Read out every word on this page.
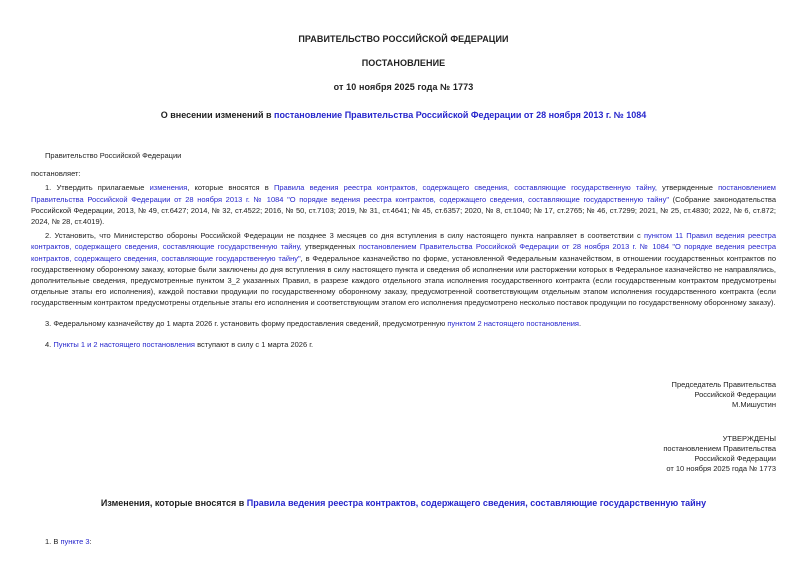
ПРАВИТЕЛЬСТВО РОССИЙСКОЙ ФЕДЕРАЦИИ

ПОСТАНОВЛЕНИЕ

от 10 ноября 2025 года № 1773

О внесении изменений в постановление Правительства Российской Федерации от 28 ноября 2013 г. № 1084

Правительство Российской Федерации

постановляет:

1. Утвердить прилагаемые изменения, которые вносятся в Правила ведения реестра контрактов, содержащего сведения, составляющие государственную тайну, утвержденные постановлением Правительства Российской Федерации от 28 ноября 2013 г. № 1084 "О порядке ведения реестра контрактов, содержащего сведения, составляющие государственную тайну" (Собрание законодательства Российской Федерации, 2013, № 49, ст.6427; 2014, № 32, ст.4522; 2016, № 50, ст.7103; 2019, № 31, ст.4641; № 45, ст.6357; 2020, № 8, ст.1040; № 17, ст.2765; № 46, ст.7299; 2021, № 25, ст.4830; 2022, № 6, ст.872; 2024, № 28, ст.4019).

2. Установить, что Министерство обороны Российской Федерации не позднее 3 месяцев со дня вступления в силу настоящего пункта направляет в соответствии с пунктом 11 Правил ведения реестра контрактов, содержащего сведения, составляющие государственную тайну, утвержденных постановлением Правительства Российской Федерации от 28 ноября 2013 г. № 1084 "О порядке ведения реестра контрактов, содержащего сведения, составляющие государственную тайну", в Федеральное казначейство по форме, установленной Федеральным казначейством, в отношении государственных контрактов по государственному оборонному заказу, которые были заключены до дня вступления в силу настоящего пункта и сведения об исполнении или расторжении которых в Федеральное казначейство не направлялись, дополнительные сведения, предусмотренные пунктом 3_2 указанных Правил, в разрезе каждого отдельного этапа исполнения государственного контракта (если государственным контрактом предусмотрены отдельные этапы его исполнения), каждой поставки продукции по государственному оборонному заказу, предусмотренной соответствующим отдельным этапом исполнения государственного контракта (если государственным контрактом предусмотрены отдельные этапы его исполнения и соответствующим этапом его исполнения предусмотрено несколько поставок продукции по государственному оборонному заказу).

3. Федеральному казначейству до 1 марта 2026 г. установить форму предоставления сведений, предусмотренную пунктом 2 настоящего постановления.

4. Пункты 1 и 2 настоящего постановления вступают в силу с 1 марта 2026 г.

Председатель Правительства

Российской Федерации

М.Мишустин

УТВЕРЖДЕНЫ

постановлением Правительства

Российской Федерации

от 10 ноября 2025 года № 1773

Изменения, которые вносятся в Правила ведения реестра контрактов, содержащего сведения, составляющие государственную тайну

1. В пункте 3:
